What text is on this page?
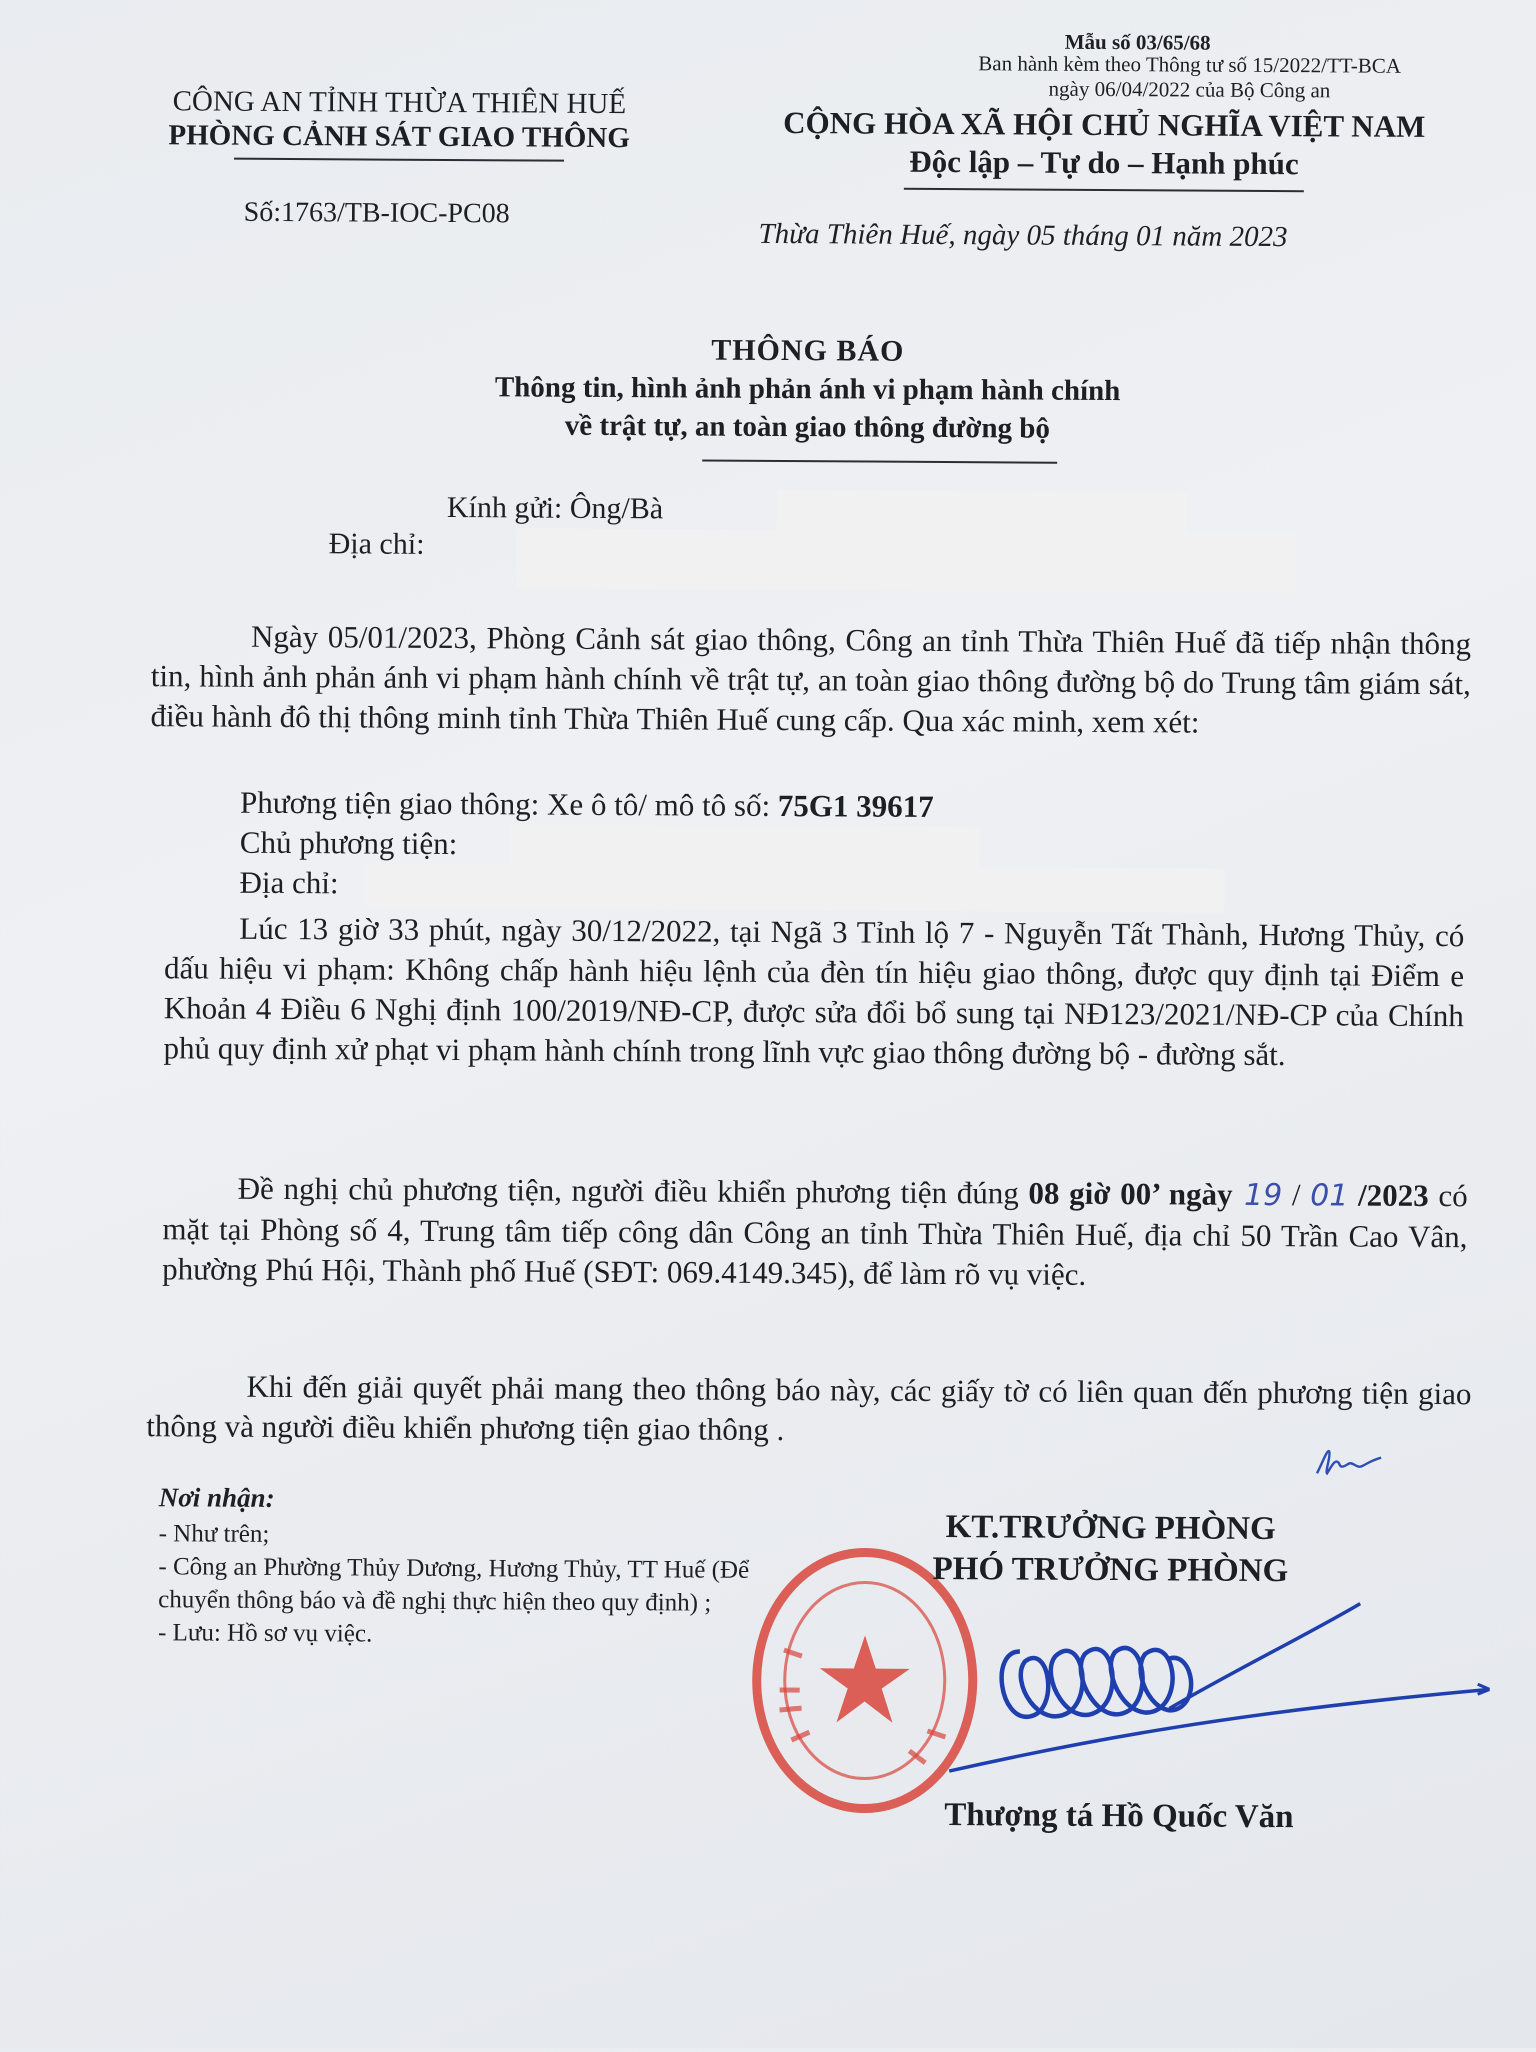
Mẫu số 03/65/68
Ban hành kèm theo Thông tư số 15/2022/TT-BCA
ngày 06/04/2022 của Bộ Công an
CÔNG AN TỈNH THỪA THIÊN HUẾ
PHÒNG CẢNH SÁT GIAO THÔNG	CỘNG HÒA XÃ HỘI CHỦ NGHĨA VIỆT NAM
Độc lập – Tự do – Hạnh phúc
Số:1763/TB-IOC-PC08
Thừa Thiên Huế, ngày 05 tháng 01 năm 2023
THÔNG BÁO
Thông tin, hình ảnh phản ánh vi phạm hành chính
về trật tự, an toàn giao thông đường bộ
Kính gửi: Ông/Bà
Địa chỉ:
Ngày 05/01/2023, Phòng Cảnh sát giao thông, Công an tỉnh Thừa Thiên Huế đã tiếp nhận thông tin, hình ảnh phản ánh vi phạm hành chính về trật tự, an toàn giao thông đường bộ do Trung tâm giám sát, điều hành đô thị thông minh tỉnh Thừa Thiên Huế cung cấp. Qua xác minh, xem xét:
Phương tiện giao thông: Xe ô tô/ mô tô số: 75G1 39617
Chủ phương tiện:
Địa chỉ:
Lúc 13 giờ 33 phút, ngày 30/12/2022, tại Ngã 3 Tỉnh lộ 7 - Nguyễn Tất Thành, Hương Thủy, có dấu hiệu vi phạm: Không chấp hành hiệu lệnh của đèn tín hiệu giao thông, được quy định tại Điểm e Khoản 4 Điều 6 Nghị định 100/2019/NĐ-CP, được sửa đổi bổ sung tại NĐ123/2021/NĐ-CP của Chính phủ quy định xử phạt vi phạm hành chính trong lĩnh vực giao thông đường bộ - đường sắt.
Đề nghị chủ phương tiện, người điều khiển phương tiện đúng 08 giờ 00’ ngày 19 / 01 /2023 có mặt tại Phòng số 4, Trung tâm tiếp công dân Công an tỉnh Thừa Thiên Huế, địa chỉ 50 Trần Cao Vân, phường Phú Hội, Thành phố Huế (SĐT: 069.4149.345), để làm rõ vụ việc.
Khi đến giải quyết phải mang theo thông báo này, các giấy tờ có liên quan đến phương tiện giao thông và người điều khiển phương tiện giao thông .
Nơi nhận:
- Như trên;
- Công an Phường Thủy Dương, Hương Thủy, TT Huế (Để chuyển thông báo và đề nghị thực hiện theo quy định) ;
- Lưu: Hồ sơ vụ việc.
KT.TRƯỞNG PHÒNG
PHÓ TRƯỞNG PHÒNG
Thượng tá Hồ Quốc Văn
